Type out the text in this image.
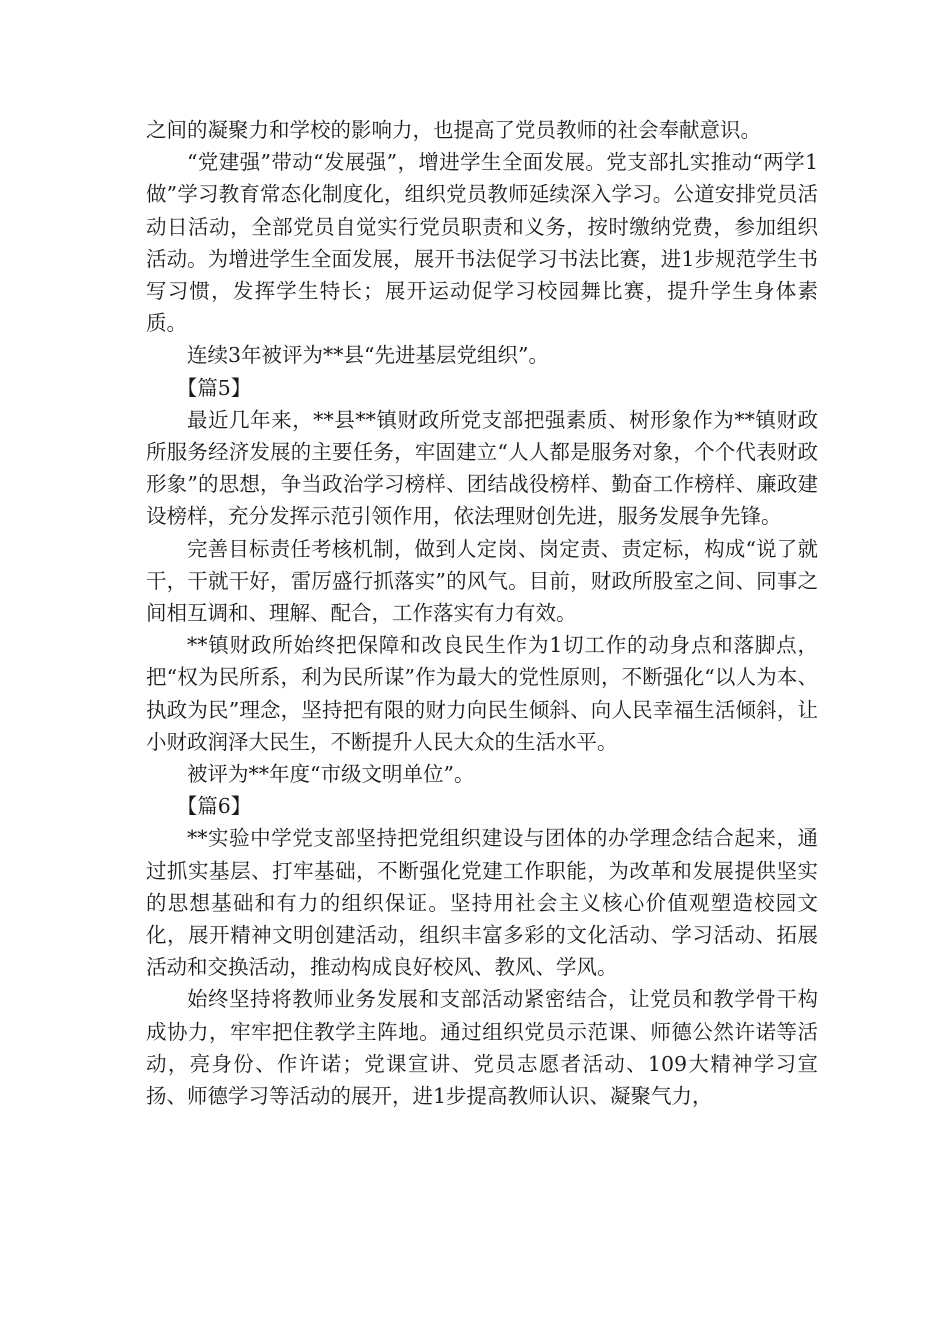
之间的凝聚力和学校的影响力，也提高了党员教师的社会奉献意识。

“党建强”带动“发展强”，增进学生全面发展。党支部扎实推动“两学1做”学习教育常态化制度化，组织党员教师延续深入学习。公道安排党员活动日活动，全部党员自觉实行党员职责和义务，按时缴纳党费，参加组织活动。为增进学生全面发展，展开书法促学习书法比赛，进1步规范学生书写习惯，发挥学生特长；展开运动促学习校园舞比赛，提升学生身体素质。

连续3年被评为**县“先进基层党组织”。

【篇5】

最近几年来，**县**镇财政所党支部把强素质、树形象作为**镇财政所服务经济发展的主要任务，牢固建立“人人都是服务对象，个个代表财政形象”的思想，争当政治学习榜样、团结战役榜样、勤奋工作榜样、廉政建设榜样，充分发挥示范引领作用，依法理财创先进，服务发展争先锋。

完善目标责任考核机制，做到人定岗、岗定责、责定标，构成“说了就干，干就干好，雷厉盛行抓落实”的风气。目前，财政所股室之间、同事之间相互调和、理解、配合，工作落实有力有效。

**镇财政所始终把保障和改良民生作为1切工作的动身点和落脚点，把“权为民所系，利为民所谋”作为最大的党性原则，不断强化“以人为本、执政为民”理念，坚持把有限的财力向民生倾斜、向人民幸福生活倾斜，让小财政润泽大民生，不断提升人民大众的生活水平。

被评为**年度“市级文明单位”。

【篇6】

**实验中学党支部坚持把党组织建设与团体的办学理念结合起来，通过抓实基层、打牢基础，不断强化党建工作职能，为改革和发展提供坚实的思想基础和有力的组织保证。坚持用社会主义核心价值观塑造校园文化，展开精神文明创建活动，组织丰富多彩的文化活动、学习活动、拓展活动和交换活动，推动构成良好校风、教风、学风。

始终坚持将教师业务发展和支部活动紧密结合，让党员和教学骨干构成协力，牢牢把住教学主阵地。通过组织党员示范课、师德公然许诺等活动，亮身份、作许诺；党课宣讲、党员志愿者活动、109大精神学习宣扬、师德学习等活动的展开，进1步提高教师认识、凝聚气力，
